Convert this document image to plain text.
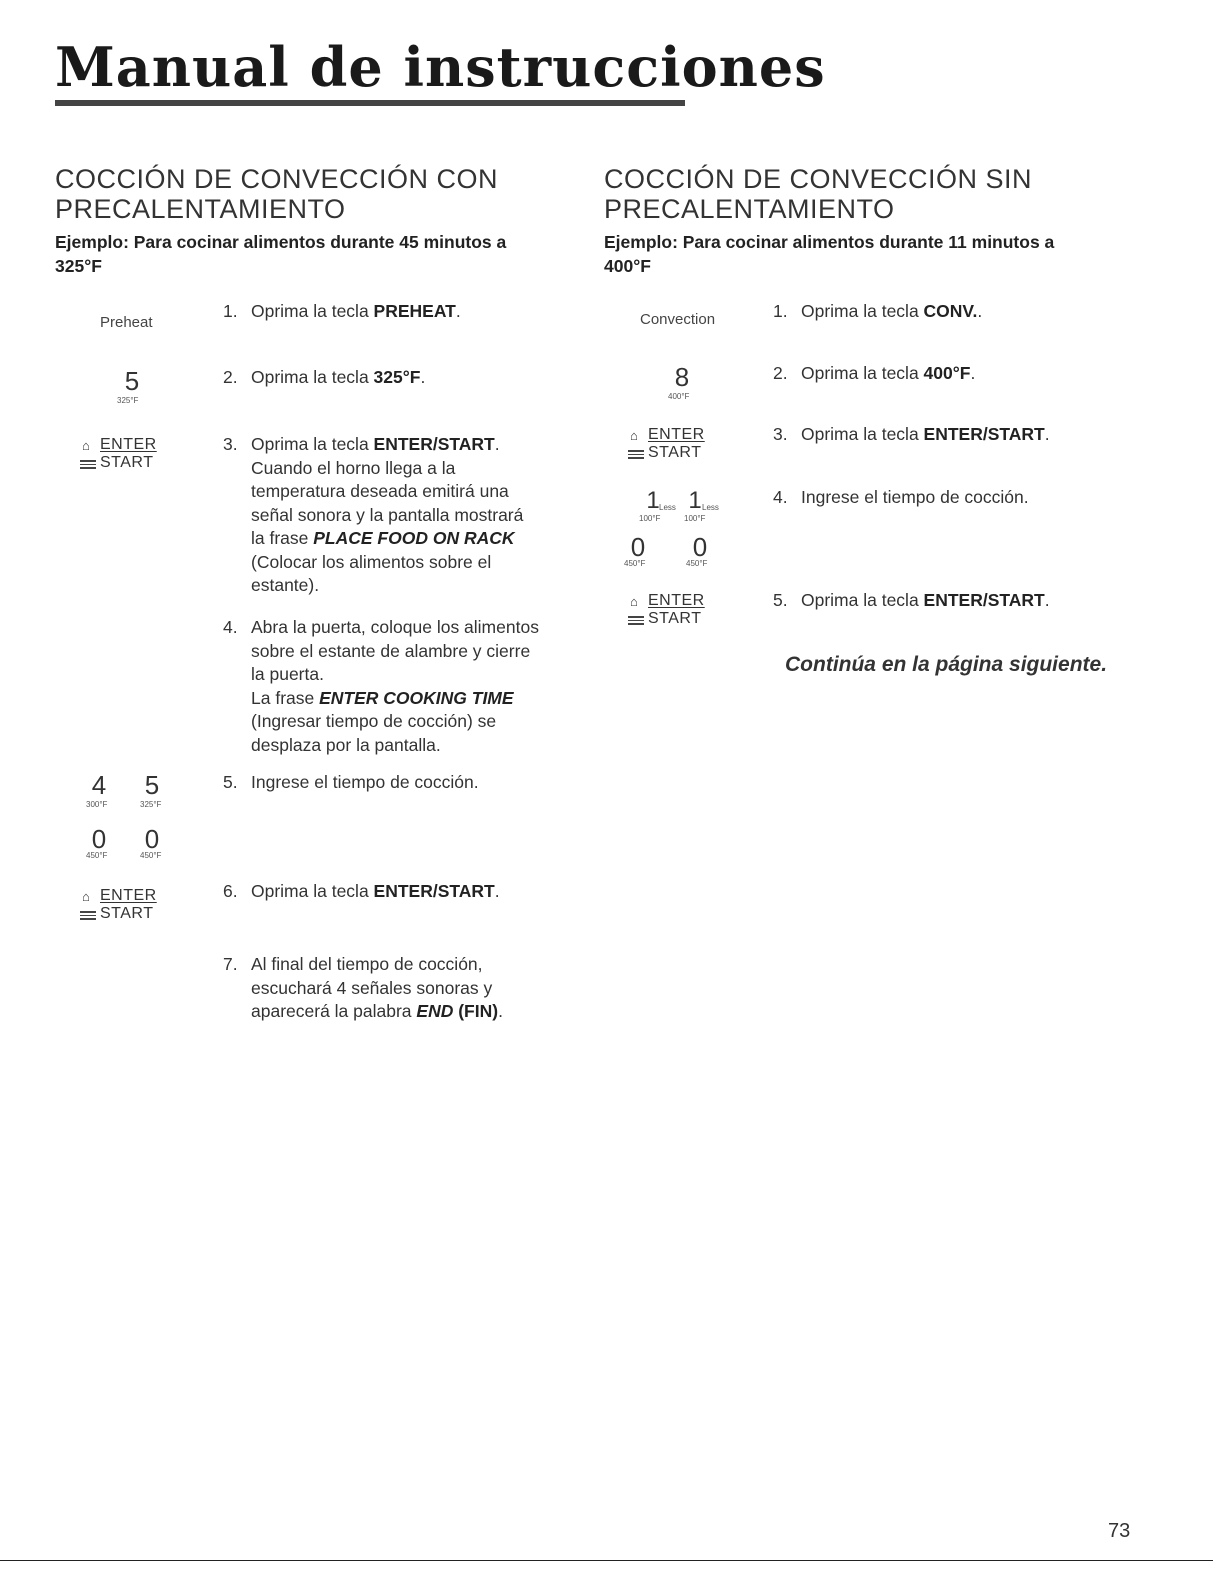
Manual de instrucciones
COCCIÓN DE CONVECCIÓN CON
PRECALENTAMIENTO
Ejemplo: Para cocinar alimentos durante 45 minutos a
325°F
Preheat
5
325°F
⌂ ENTER
START
4
300°F
5
325°F
0
450°F
0
450°F
⌂ ENTER
START
1. Oprima la tecla PREHEAT.
2. Oprima la tecla 325°F.
3. Oprima la tecla ENTER/START.
Cuando el horno llega a la
temperatura deseada emitirá una
señal sonora y la pantalla mostrará
la frase PLACE FOOD ON RACK
(Colocar los alimentos sobre el
estante).
4. Abra la puerta, coloque los alimentos
sobre el estante de alambre y cierre
la puerta.
La frase ENTER COOKING TIME
(Ingresar tiempo de cocción) se
desplaza por la pantalla.
5. Ingrese el tiempo de cocción.
6. Oprima la tecla ENTER/START.
7. Al final del tiempo de cocción,
escuchará 4 señales sonoras y
aparecerá la palabra END (FIN).
COCCIÓN DE CONVECCIÓN SIN
PRECALENTAMIENTO
Ejemplo: Para cocinar alimentos durante 11 minutos a
400°F
Convection
8
400°F
⌂ ENTER
START
1 Less
100°F
1 Less
100°F
0
450°F
0
450°F
⌂ ENTER
START
1. Oprima la tecla CONV..
2. Oprima la tecla 400°F.
3. Oprima la tecla ENTER/START.
4. Ingrese el tiempo de cocción.
5. Oprima la tecla ENTER/START.
Continúa en la página siguiente.
73
